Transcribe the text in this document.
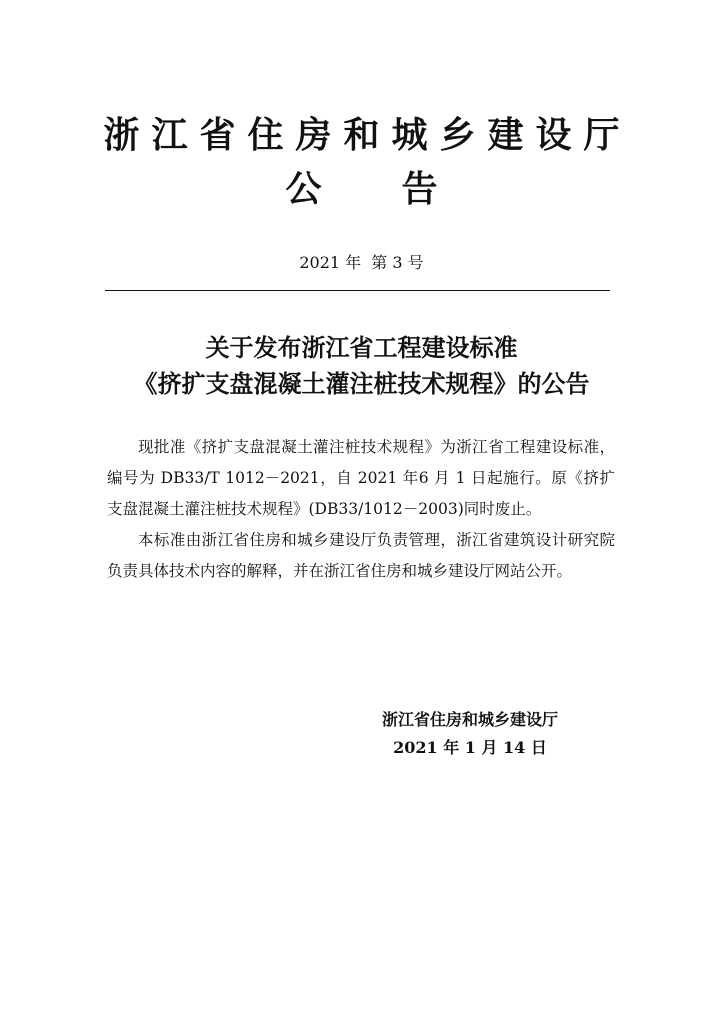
浙江省住房和城乡建设厅
公 告
2021 年  第 3 号
关于发布浙江省工程建设标准
《挤扩支盘混凝土灌注桩技术规程》的公告

现批准《挤扩支盘混凝土灌注桩技术规程》为浙江省工程建设标准，编号为 DB33/T 1012－2021，自 2021 年6 月 1 日起施行。原《挤扩支盘混凝土灌注桩技术规程》(DB33/1012－2003)同时废止。

本标准由浙江省住房和城乡建设厅负责管理，浙江省建筑设计研究院负责具体技术内容的解释，并在浙江省住房和城乡建设厅网站公开。

浙江省住房和城乡建设厅
2021 年 1 月 14 日
